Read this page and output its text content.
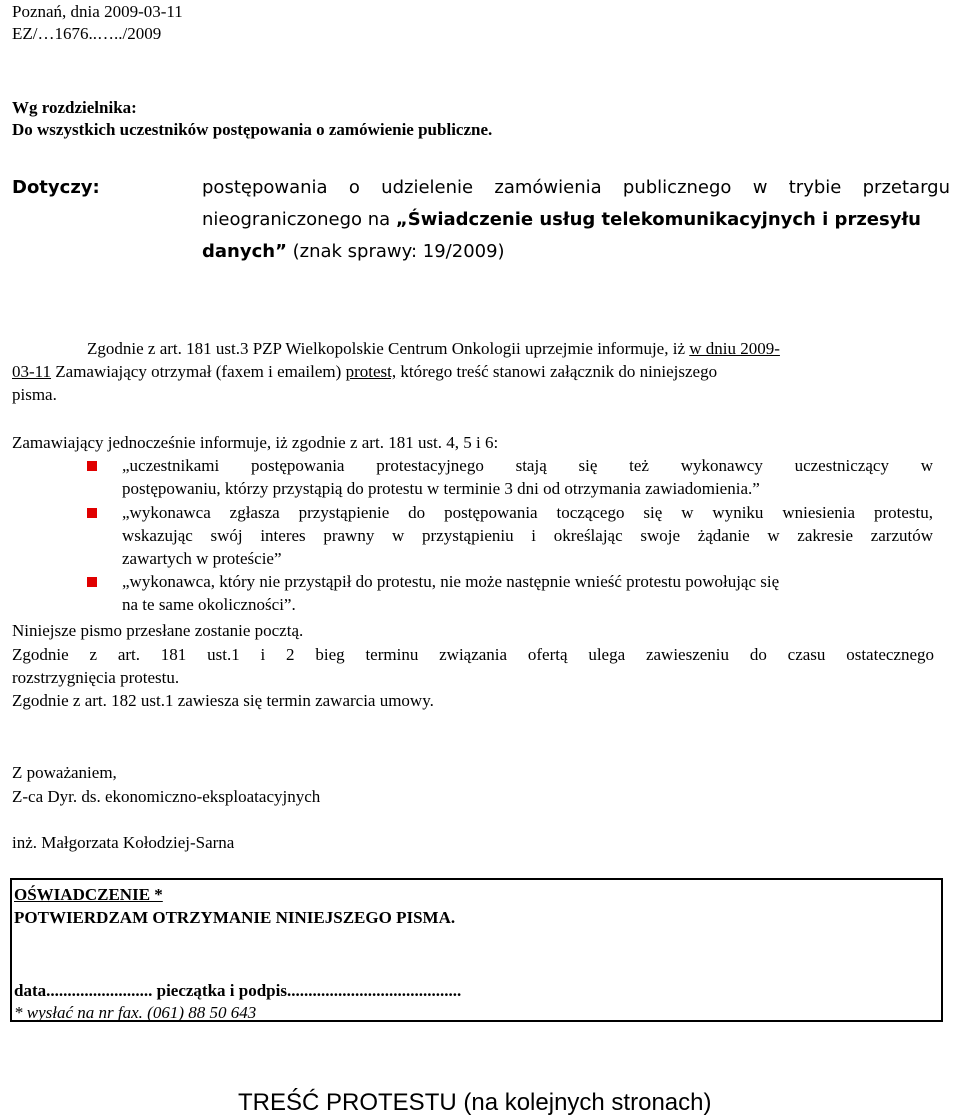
Poznań, dnia 2009-03-11
EZ/…1676..…../2009
Wg rozdzielnika:
Do wszystkich uczestników postępowania o zamówienie publiczne.
Dotyczy:	postępowania o udzielenie zamówienia publicznego w trybie przetargu
nieograniczonego na „Świadczenie usług telekomunikacyjnych i przesyłu
danych” (znak sprawy: 19/2009)
Zgodnie z art. 181 ust.3 PZP Wielkopolskie Centrum Onkologii uprzejmie informuje, iż w dniu 2009-
03-11 Zamawiający otrzymał (faxem i emailem) protest, którego treść stanowi załącznik do niniejszego
pisma.
Zamawiający jednocześnie informuje, iż zgodnie z art. 181 ust. 4, 5 i 6:
„uczestnikami postępowania protestacyjnego stają się też wykonawcy uczestniczący w
postępowaniu, którzy przystąpią do protestu w terminie 3 dni od otrzymania zawiadomienia.”
„wykonawca zgłasza przystąpienie do postępowania toczącego się w wyniku wniesienia protestu,
wskazując swój interes prawny w przystąpieniu i określając swoje żądanie w zakresie zarzutów
zawartych w proteście”
„wykonawca, który nie przystąpił do protestu, nie może następnie wnieść protestu powołując się
na te same okoliczności”.
Niniejsze pismo przesłane zostanie pocztą.
Zgodnie z art. 181 ust.1 i 2 bieg terminu związania ofertą ulega zawieszeniu do czasu ostatecznego
rozstrzygnięcia protestu.
Zgodnie z art. 182 ust.1 zawiesza się termin zawarcia umowy.
Z poważaniem,
Z-ca Dyr. ds. ekonomiczno-eksploatacyjnych
inż. Małgorzata Kołodziej-Sarna
OŚWIADCZENIE *
POTWIERDZAM OTRZYMANIE NINIEJSZEGO PISMA.
data......................... pieczątka i podpis.........................................
* wysłać na nr fax. (061) 88 50 643
TREŚĆ PROTESTU (na kolejnych stronach)
